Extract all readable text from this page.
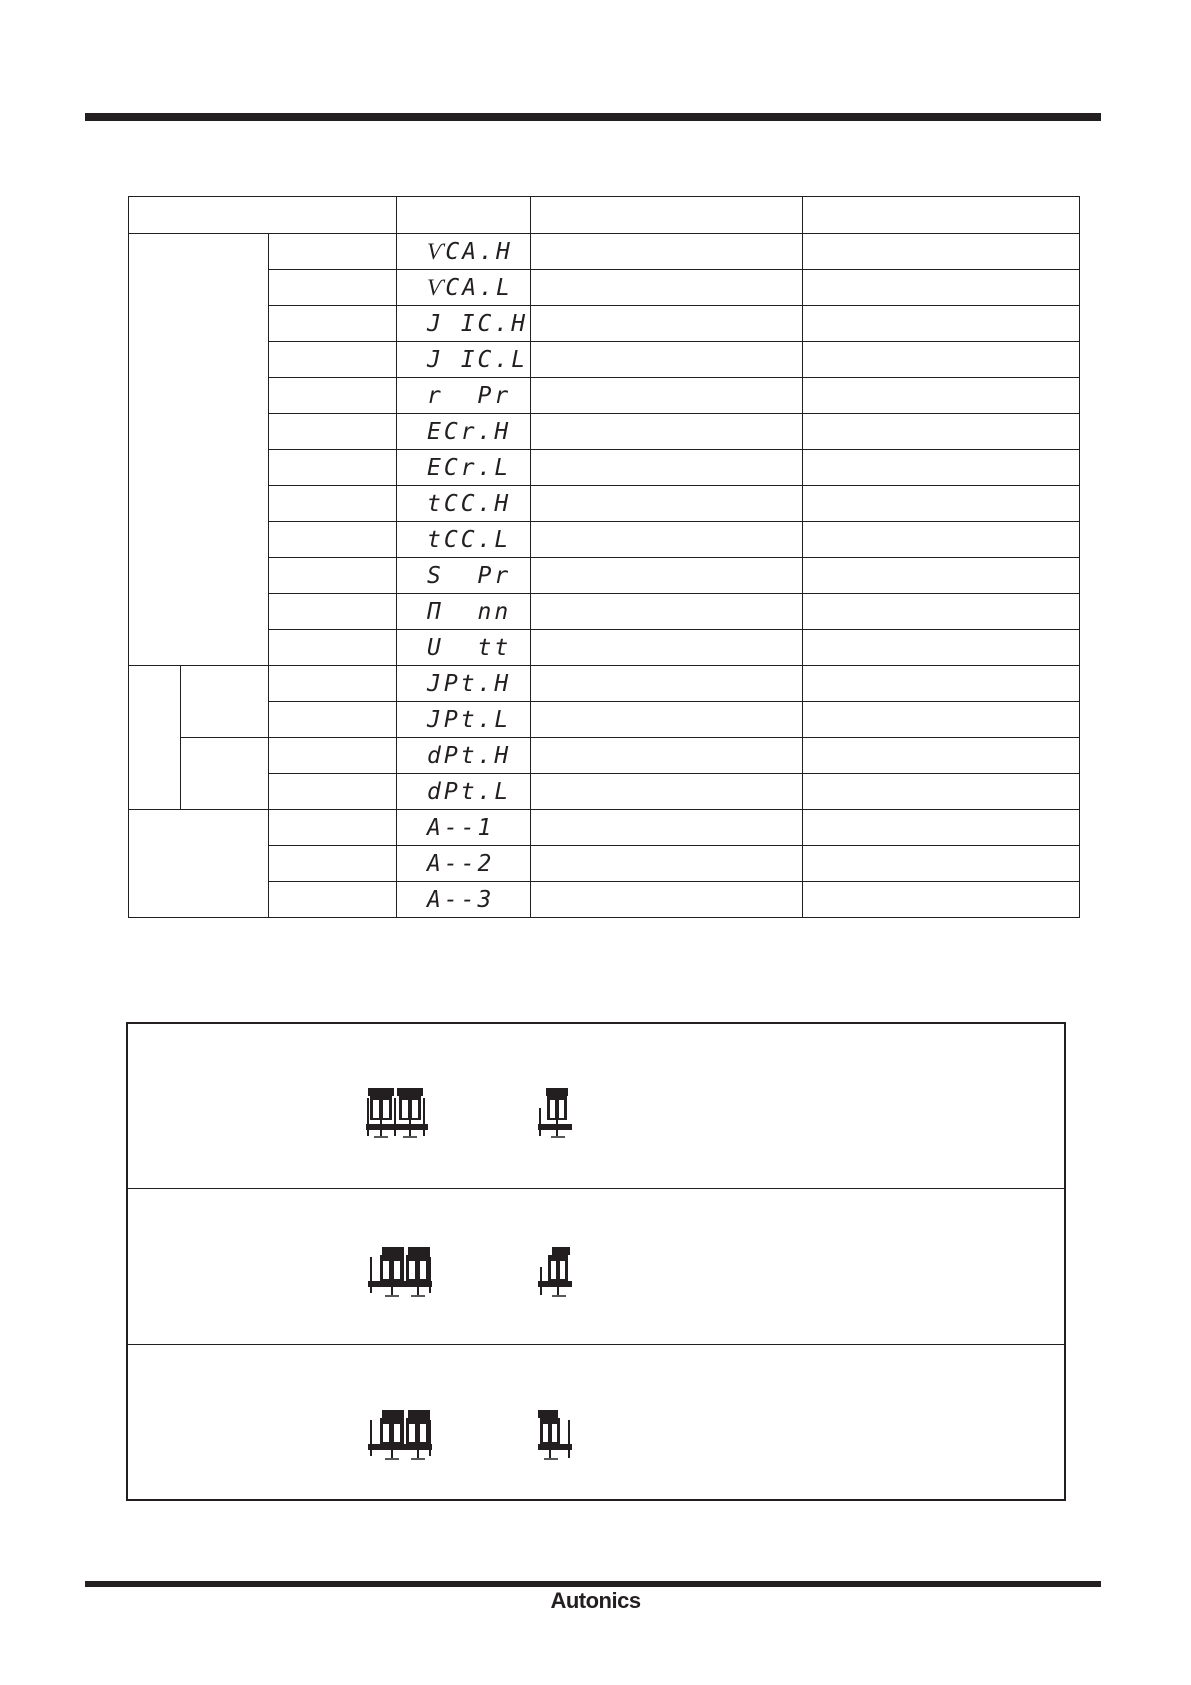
			ѴCA.H		
			ѴCA.L		
			J IC.H		
			J IC.L		
			r  Pr		
			ECr.H		
			ECr.L		
			tCC.H		
			tCC.L		
			S  Pr		
			Π  nn		
			U  tt		
			JPt.H		
			JPt.L		
			dPt.H		
			dPt.L		
			A--1		
			A--2		
			A--3		
Autonics
